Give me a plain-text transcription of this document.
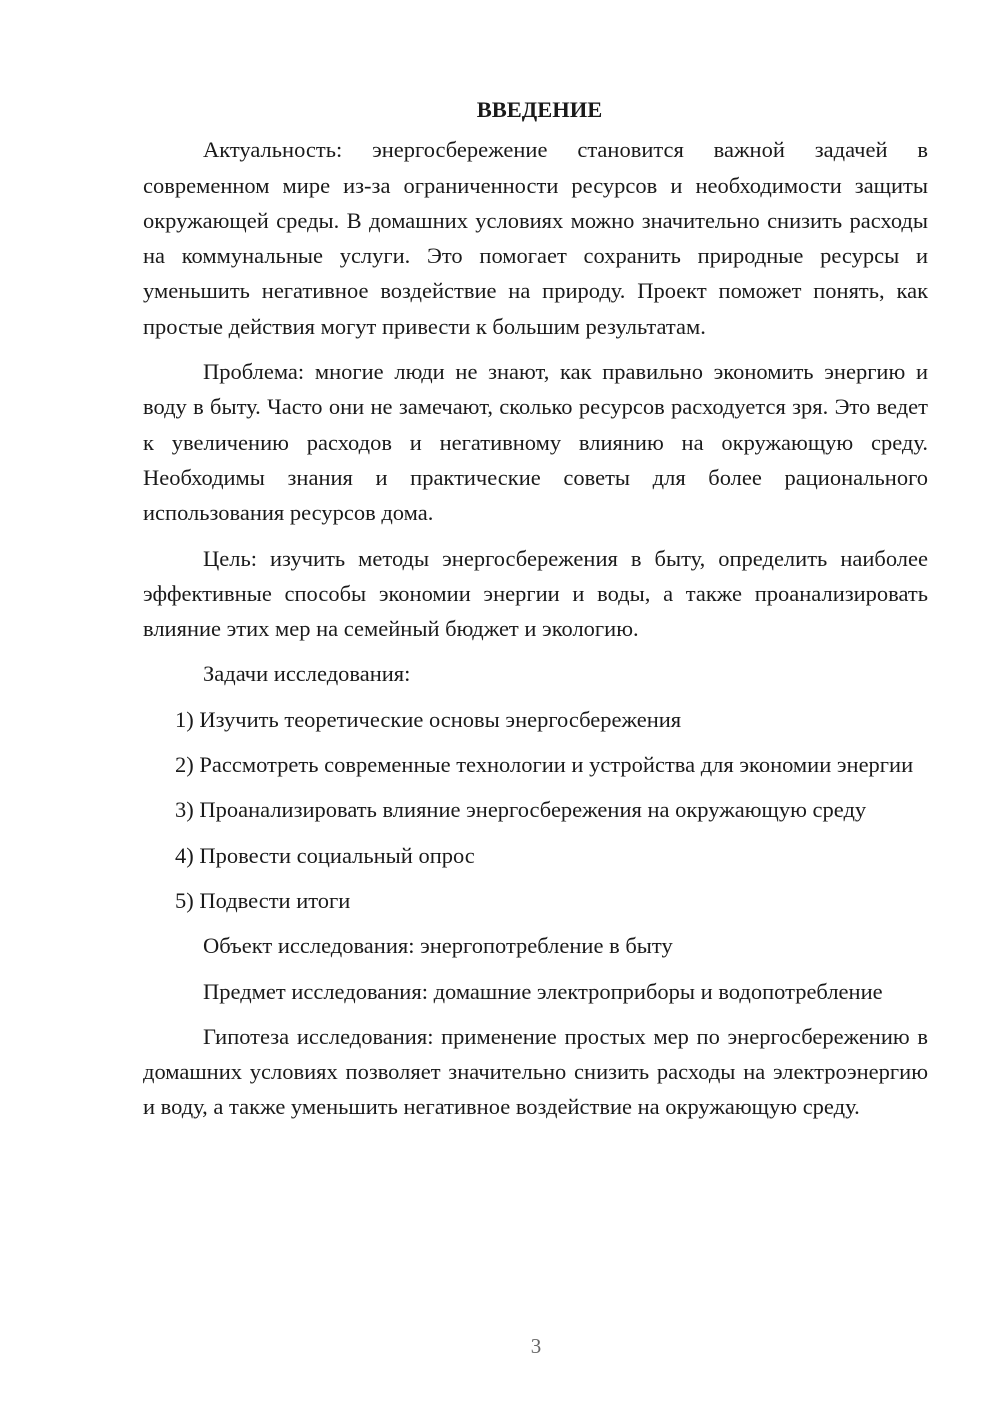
ВВЕДЕНИЕ

Актуальность: энергосбережение становится важной задачей в современном мире из-за ограниченности ресурсов и необходимости защиты окружающей среды. В домашних условиях можно значительно снизить расходы на коммунальные услуги. Это помогает сохранить природные ресурсы и уменьшить негативное воздействие на природу. Проект поможет понять, как простые действия могут привести к большим результатам.

Проблема: многие люди не знают, как правильно экономить энергию и воду в быту. Часто они не замечают, сколько ресурсов расходуется зря. Это ведет к увеличению расходов и негативному влиянию на окружающую среду. Необходимы знания и практические советы для более рационального использования ресурсов дома.

Цель: изучить методы энергосбережения в быту, определить наиболее эффективные способы экономии энергии и воды, а также проанализировать влияние этих мер на семейный бюджет и экологию.

Задачи исследования:

1) Изучить теоретические основы энергосбережения

2) Рассмотреть современные технологии и устройства для экономии энергии

3) Проанализировать влияние энергосбережения на окружающую среду

4) Провести социальный опрос

5) Подвести итоги

Объект исследования: энергопотребление в быту

Предмет исследования: домашние электроприборы и водопотребление

Гипотеза исследования: применение простых мер по энергосбережению в домашних условиях позволяет значительно снизить расходы на электроэнергию и воду, а также уменьшить негативное воздействие на окружающую среду.

3
